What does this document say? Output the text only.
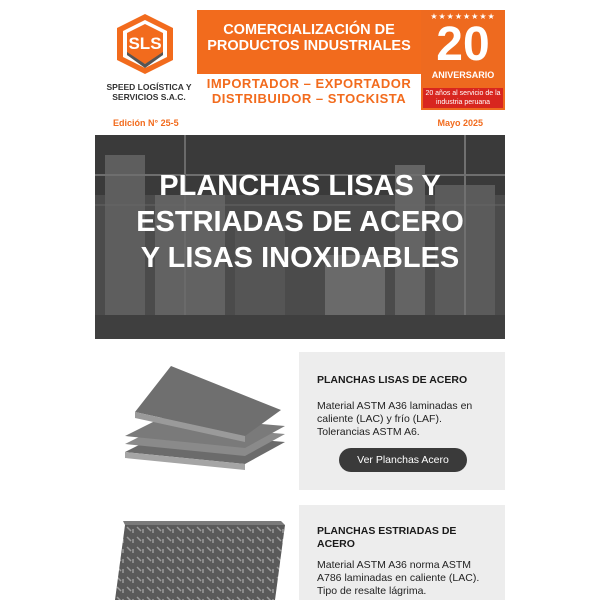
SLS
SPEED LOGÍSTICA Y SERVICIOS S.A.C.
COMERCIALIZACIÓN DE PRODUCTOS INDUSTRIALES
IMPORTADOR – EXPORTADOR
DISTRIBUIDOR – STOCKISTA
★★★★★★★★
20
ANIVERSARIO
20 años al servicio de la industria peruana
Edición N° 25-5	Mayo 2025
PLANCHAS LISAS Y ESTRIADAS DE ACERO Y LISAS INOXIDABLES
PLANCHAS LISAS DE ACERO
Material ASTM A36 laminadas en caliente (LAC) y frío (LAF). Tolerancias ASTM A6.
Ver Planchas Acero
PLANCHAS ESTRIADAS DE ACERO
Material ASTM A36 norma ASTM A786 laminadas en caliente (LAC). Tipo de resalte lágrima.
